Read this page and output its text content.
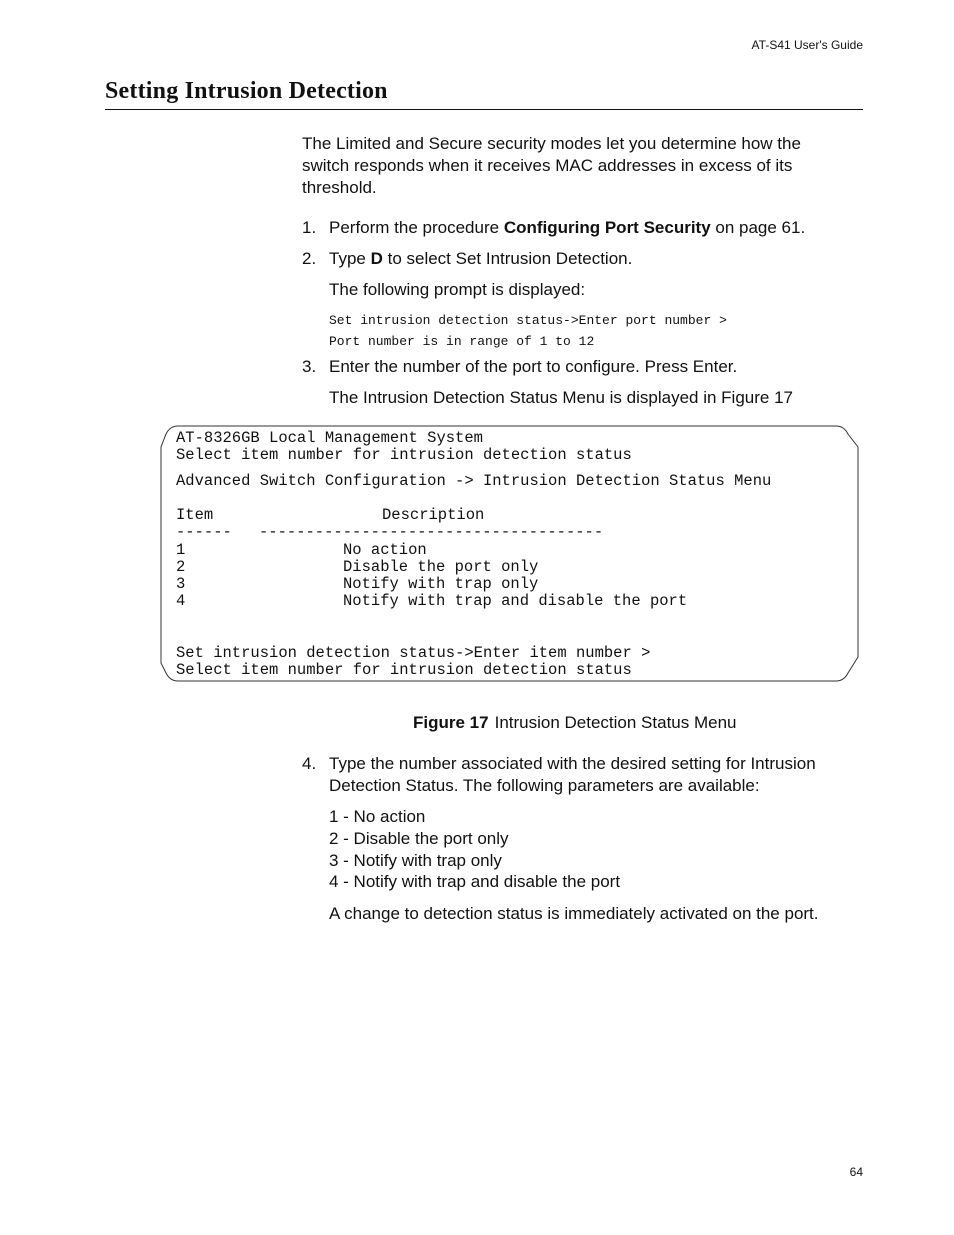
AT-S41 User's Guide
Setting Intrusion Detection
The Limited and Secure security modes let you determine how the switch responds when it receives MAC addresses in excess of its threshold.
1. Perform the procedure Configuring Port Security on page 61.
2. Type D to select Set Intrusion Detection.
The following prompt is displayed:
Set intrusion detection status->Enter port number >
Port number is in range of 1 to 12
3. Enter the number of the port to configure. Press Enter.
The Intrusion Detection Status Menu is displayed in Figure 17
AT-8326GB Local Management System
Select item number for intrusion detection status
Advanced Switch Configuration -> Intrusion Detection Status Menu
Item	Description
------ -------------------------------------
1	No action
2	Disable the port only
3	Notify with trap only
4	Notify with trap and disable the port
Set intrusion detection status->Enter item number >
Select item number for intrusion detection status
Figure 17 Intrusion Detection Status Menu
4. Type the number associated with the desired setting for Intrusion Detection Status. The following parameters are available:
1 - No action
2 - Disable the port only
3 - Notify with trap only
4 - Notify with trap and disable the port
A change to detection status is immediately activated on the port.
64
